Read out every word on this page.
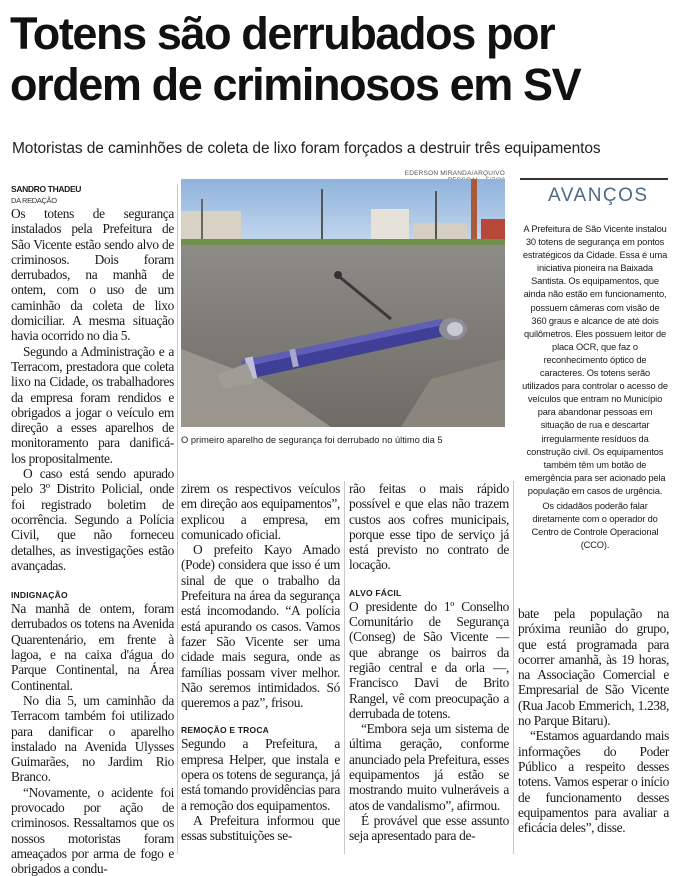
Totens são derrubados por
ordem de criminosos em SV
Motoristas de caminhões de coleta de lixo foram forçados a destruir três equipamentos
SANDRO THADEU
DA REDAÇÃO

Os totens de segurança instalados pela Prefeitura de São Vicente estão sendo alvo de criminosos. Dois foram derrubados, na manhã de ontem, com o uso de um caminhão da coleta de lixo domiciliar. A mesma situação havia ocorrido no dia 5.

Segundo a Administração e a Terracom, prestadora que coleta lixo na Cidade, os trabalhadores da empresa foram rendidos e obrigados a jogar o veículo em direção a esses aparelhos de monitoramento para danificá-los propositalmente.

O caso está sendo apurado pelo 3º Distrito Policial, onde foi registrado boletim de ocorrência. Segundo a Polícia Civil, que não forneceu detalhes, as investigações estão avançadas.

INDIGNAÇÃO

Na manhã de ontem, foram derrubados os totens na Avenida Quarentenário, em frente à lagoa, e na caixa d'água do Parque Continental, na Área Continental.

No dia 5, um caminhão da Terracom também foi utilizado para danificar o aparelho instalado na Avenida Ulysses Guimarães, no Jardim Rio Branco.

“Novamente, o acidente foi provocado por ação de criminosos. Ressaltamos que os nossos motoristas foram ameaçados por arma de fogo e obrigados a condu-

EDERSON MIRANDA/ARQUIVO
O primeiro aparelho de segurança foi derrubado no último dia 5

zirem os respectivos veículos em direção aos equipamentos”, explicou a empresa, em comunicado oficial.

O prefeito Kayo Amado (Pode) considera que isso é um sinal de que o trabalho da Prefeitura na área da segurança está incomodando. “A polícia está apurando os casos. Vamos fazer São Vicente ser uma cidade mais segura, onde as famílias possam viver melhor. Não seremos intimidados. Só queremos a paz”, frisou.

REMOÇÃO E TROCA

Segundo a Prefeitura, a empresa Helper, que instala e opera os totens de segurança, já está tomando providências para a remoção dos equipamentos.

A Prefeitura informou que essas substituições se-

rão feitas o mais rápido possível e que elas não trazem custos aos cofres municipais, porque esse tipo de serviço já está previsto no contrato de locação.

ALVO FÁCIL

O presidente do 1º Conselho Comunitário de Segurança (Conseg) de São Vicente — que abrange os bairros da região central e da orla —, Francisco Davi de Brito Rangel, vê com preocupação a derrubada de totens.

“Embora seja um sistema de última geração, conforme anunciado pela Prefeitura, esses equipamentos já estão se mostrando muito vulneráveis a atos de vandalismo”, afirmou.

É provável que esse assunto seja apresentado para de-

bate pela população na próxima reunião do grupo, que está programada para ocorrer amanhã, às 19 horas, na Associação Comercial e Empresarial de São Vicente (Rua Jacob Emmerich, 1.238, no Parque Bitaru).

“Estamos aguardando mais informações do Poder Público a respeito desses totens. Vamos esperar o início de funcionamento desses equipamentos para avaliar a eficácia deles”, disse.

AVANÇOS

A Prefeitura de São Vicente instalou 30 totens de segurança em pontos estratégicos da Cidade. Essa é uma iniciativa pioneira na Baixada Santista. Os equipamentos, que ainda não estão em funcionamento, possuem câmeras com visão de 360 graus e alcance de até dois quilômetros. Eles possuem leitor de placa OCR, que faz o reconhecimento óptico de caracteres. Os totens serão utilizados para controlar o acesso de veículos que entram no Município para abandonar pessoas em situação de rua e descartar irregularmente resíduos da construção civil. Os equipamentos também têm um botão de emergência para ser acionado pela população em casos de urgência.

Os cidadãos poderão falar diretamente com o operador do Centro de Controle Operacional (CCO).
